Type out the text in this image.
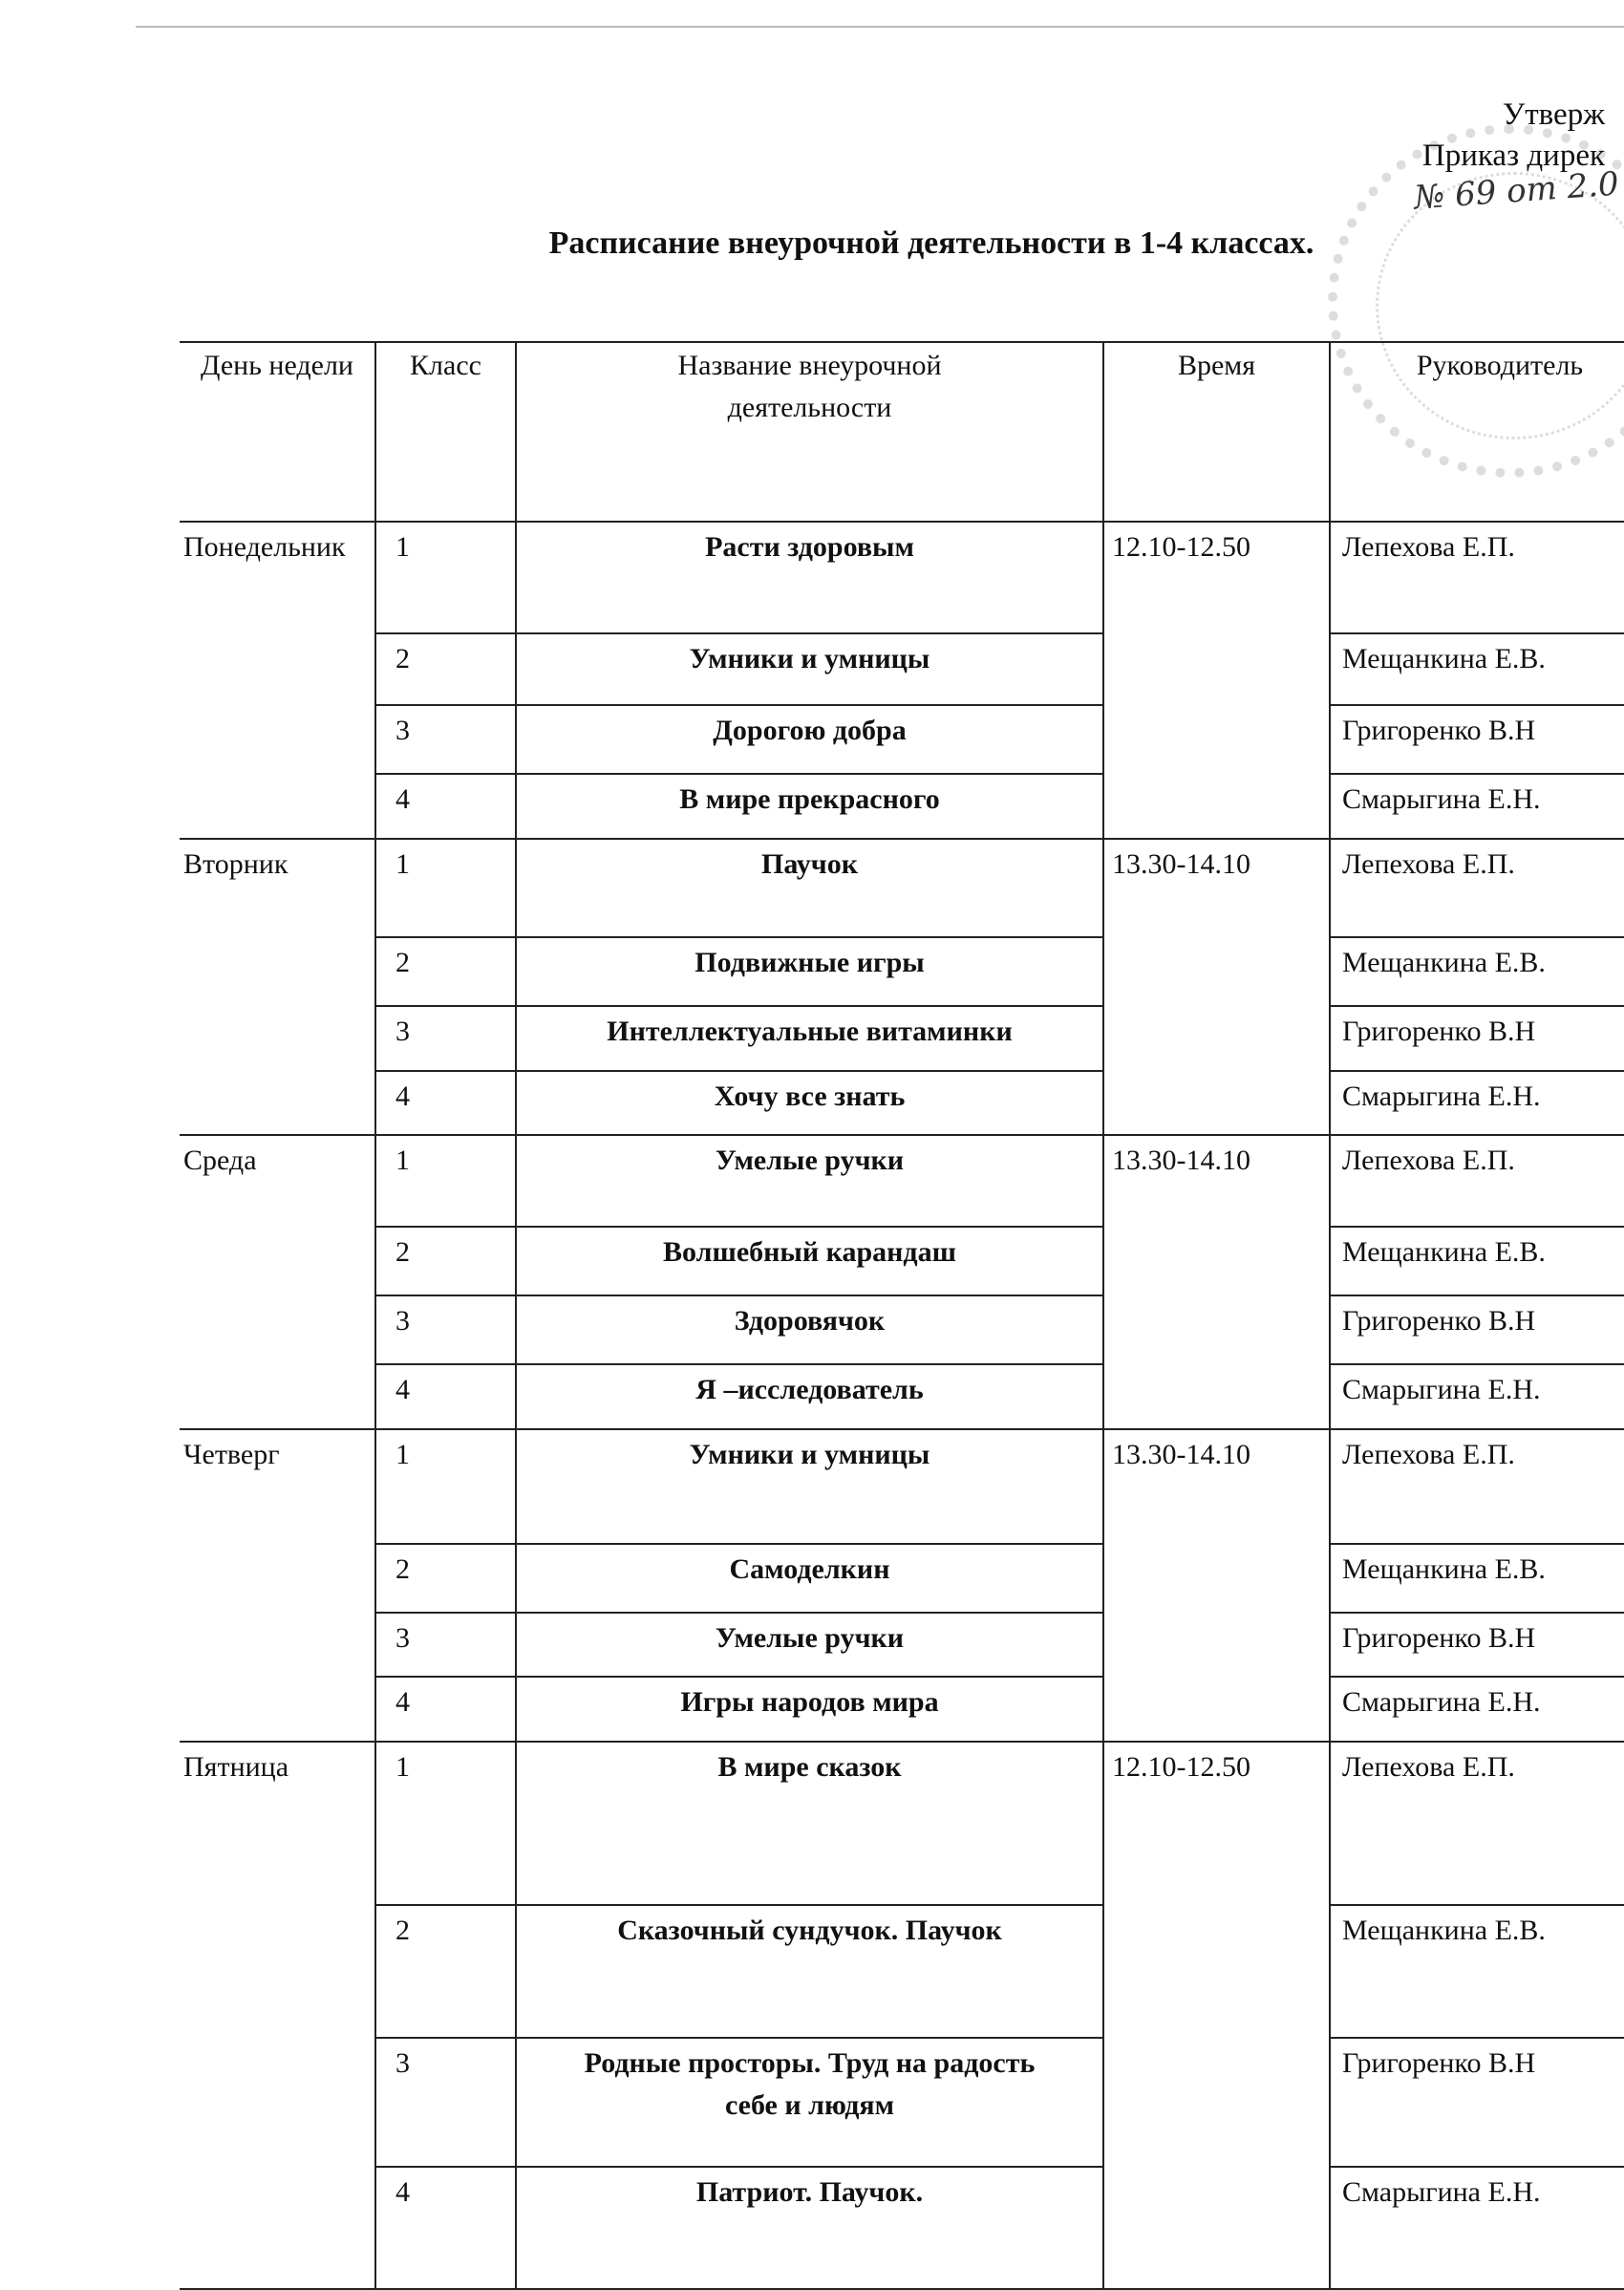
Утверж
Приказ дирек
№ 69 от 2.0
Расписание внеурочной деятельности в 1-4 классах.
День недели	Класс	Название внеурочной деятельности	Время	Руководитель
Понедельник	1	Расти здоровым	12.10-12.50	Лепехова Е.П.
	2	Умники и умницы		Мещанкина Е.В.
	3	Дорогою добра		Григоренко В.Н
	4	В мире прекрасного		Смарыгина Е.Н.
Вторник	1	Паучок	13.30-14.10	Лепехова Е.П.
	2	Подвижные игры		Мещанкина Е.В.
	3	Интеллектуальные витаминки		Григоренко В.Н
	4	Хочу все знать		Смарыгина Е.Н.
Среда	1	Умелые ручки	13.30-14.10	Лепехова Е.П.
	2	Волшебный карандаш		Мещанкина Е.В.
	3	Здоровячок		Григоренко В.Н
	4	Я –исследователь		Смарыгина Е.Н.
Четверг	1	Умники и умницы	13.30-14.10	Лепехова Е.П.
	2	Самоделкин		Мещанкина Е.В.
	3	Умелые ручки		Григоренко В.Н
	4	Игры народов мира		Смарыгина Е.Н.
Пятница	1	В мире сказок	12.10-12.50	Лепехова Е.П.
	2	Сказочный сундучок. Паучок		Мещанкина Е.В.
	3	Родные просторы. Труд на радость себе и людям		Григоренко В.Н
	4	Патриот. Паучок.		Смарыгина Е.Н.
